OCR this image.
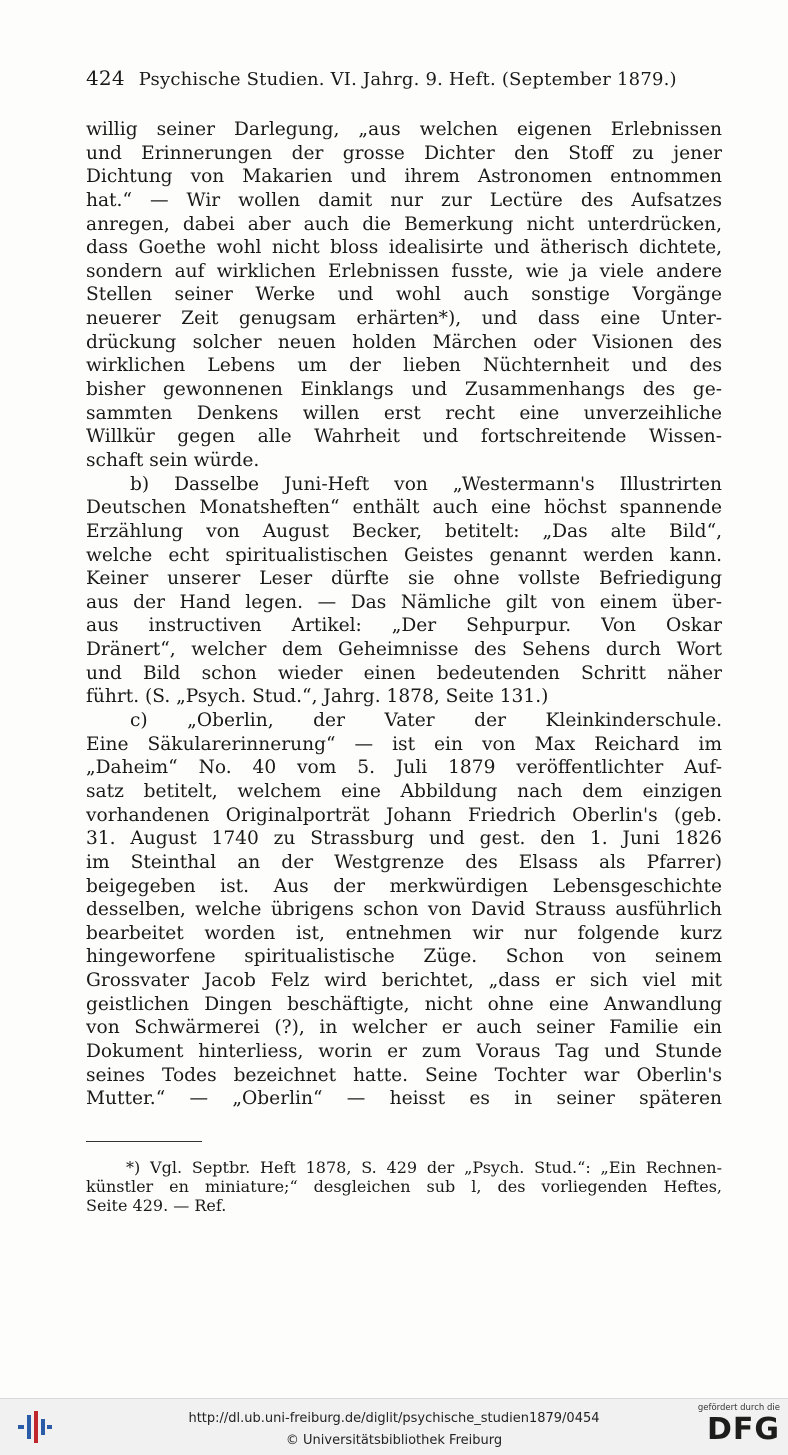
424 Psychische Studien. VI. Jahrg. 9. Heft. (September 1879.)
willig seiner Darlegung, „aus welchen eigenen Erlebnissen
und Erinnerungen der grosse Dichter den Stoff zu jener
Dichtung von Makarien und ihrem Astronomen entnommen
hat.“ — Wir wollen damit nur zur Lectüre des Aufsatzes
anregen, dabei aber auch die Bemerkung nicht unterdrücken,
dass Goethe wohl nicht bloss idealisirte und ätherisch dichtete,
sondern auf wirklichen Erlebnissen fusste, wie ja viele andere
Stellen seiner Werke und wohl auch sonstige Vorgänge
neuerer Zeit genugsam erhärten*), und dass eine Unter-
drückung solcher neuen holden Märchen oder Visionen des
wirklichen Lebens um der lieben Nüchternheit und des
bisher gewonnenen Einklangs und Zusammenhangs des ge-
sammten Denkens willen erst recht eine unverzeihliche
Willkür gegen alle Wahrheit und fortschreitende Wissen-
schaft sein würde.
b) Dasselbe Juni-Heft von „Westermann's Illustrirten
Deutschen Monatsheften“ enthält auch eine höchst spannende
Erzählung von August Becker, betitelt: „Das alte Bild“,
welche echt spiritualistischen Geistes genannt werden kann.
Keiner unserer Leser dürfte sie ohne vollste Befriedigung
aus der Hand legen. — Das Nämliche gilt von einem über-
aus instructiven Artikel: „Der Sehpurpur. Von Oskar
Dränert“, welcher dem Geheimnisse des Sehens durch Wort
und Bild schon wieder einen bedeutenden Schritt näher
führt. (S. „Psych. Stud.“, Jahrg. 1878, Seite 131.)
c) „Oberlin, der Vater der Kleinkinderschule.
Eine Säkularerinnerung“ — ist ein von Max Reichard im
„Daheim“ No. 40 vom 5. Juli 1879 veröffentlichter Auf-
satz betitelt, welchem eine Abbildung nach dem einzigen
vorhandenen Originalporträt Johann Friedrich Oberlin's (geb.
31. August 1740 zu Strassburg und gest. den 1. Juni 1826
im Steinthal an der Westgrenze des Elsass als Pfarrer)
beigegeben ist. Aus der merkwürdigen Lebensgeschichte
desselben, welche übrigens schon von David Strauss ausführlich
bearbeitet worden ist, entnehmen wir nur folgende kurz
hingeworfene spiritualistische Züge. Schon von seinem
Grossvater Jacob Felz wird berichtet, „dass er sich viel mit
geistlichen Dingen beschäftigte, nicht ohne eine Anwandlung
von Schwärmerei (?), in welcher er auch seiner Familie ein
Dokument hinterliess, worin er zum Voraus Tag und Stunde
seines Todes bezeichnet hatte. Seine Tochter war Oberlin's
Mutter.“ — „Oberlin“ — heisst es in seiner späteren
*) Vgl. Septbr. Heft 1878, S. 429 der „Psych. Stud.“: „Ein Rechnen-
künstler en miniature;“ desgleichen sub l, des vorliegenden Heftes,
Seite 429. — Ref.
http://dl.ub.uni-freiburg.de/diglit/psychische_studien1879/0454
© Universitätsbibliothek Freiburg
gefördert durch die
DFG
